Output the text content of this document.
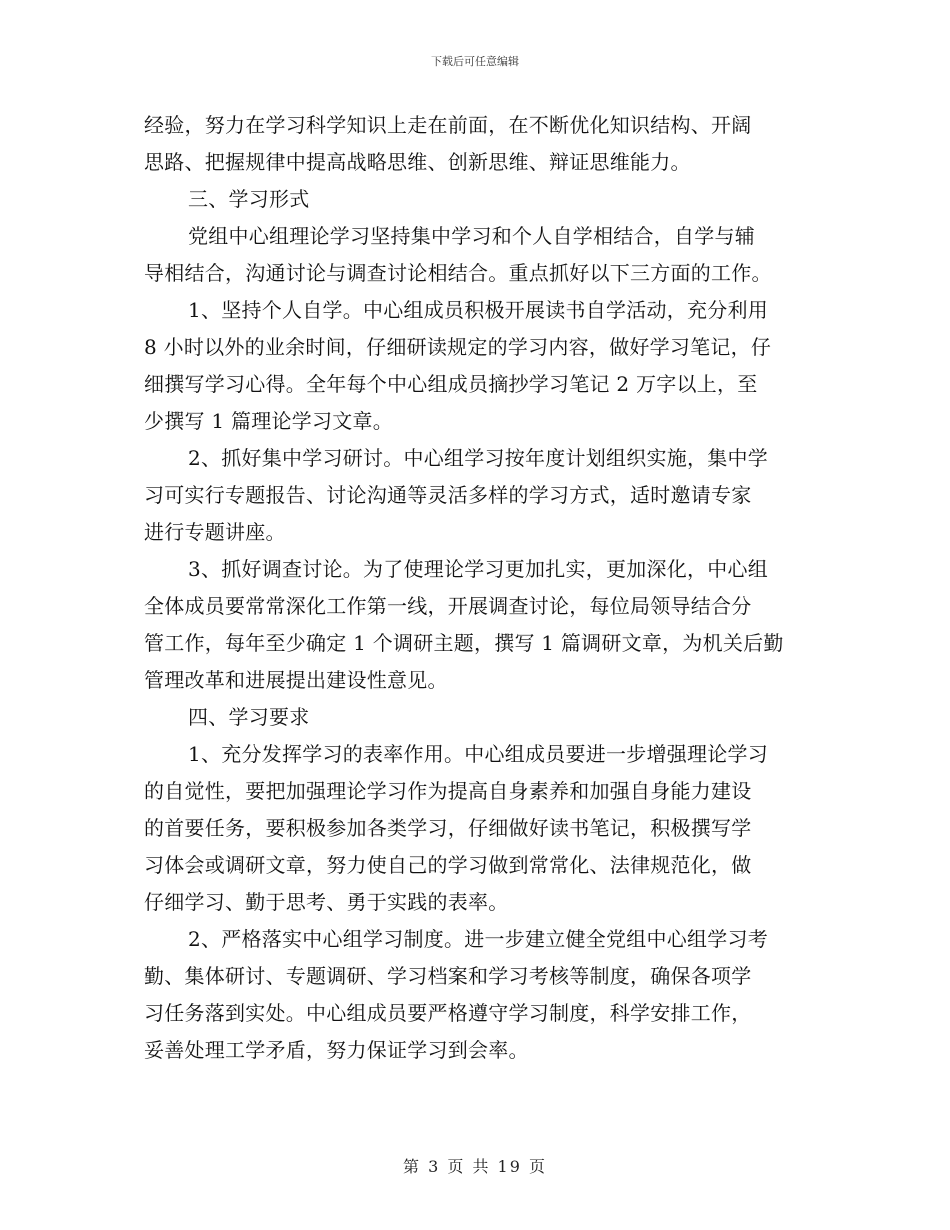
下载后可任意编辑
经验，努力在学习科学知识上走在前面，在不断优化知识结构、开阔
思路、把握规律中提高战略思维、创新思维、辩证思维能力。
三、学习形式
党组中心组理论学习坚持集中学习和个人自学相结合，自学与辅
导相结合，沟通讨论与调查讨论相结合。重点抓好以下三方面的工作。
1、坚持个人自学。中心组成员积极开展读书自学活动，充分利用
8 小时以外的业余时间，仔细研读规定的学习内容，做好学习笔记，仔
细撰写学习心得。全年每个中心组成员摘抄学习笔记 2 万字以上，至
少撰写 1 篇理论学习文章。
2、抓好集中学习研讨。中心组学习按年度计划组织实施，集中学
习可实行专题报告、讨论沟通等灵活多样的学习方式，适时邀请专家
进行专题讲座。
3、抓好调查讨论。为了使理论学习更加扎实，更加深化，中心组
全体成员要常常深化工作第一线，开展调查讨论，每位局领导结合分
管工作，每年至少确定 1 个调研主题，撰写 1 篇调研文章，为机关后勤
管理改革和进展提出建设性意见。
四、学习要求
1、充分发挥学习的表率作用。中心组成员要进一步增强理论学习
的自觉性，要把加强理论学习作为提高自身素养和加强自身能力建设
的首要任务，要积极参加各类学习，仔细做好读书笔记，积极撰写学
习体会或调研文章，努力使自己的学习做到常常化、法律规范化，做
仔细学习、勤于思考、勇于实践的表率。
2、严格落实中心组学习制度。进一步建立健全党组中心组学习考
勤、集体研讨、专题调研、学习档案和学习考核等制度，确保各项学
习任务落到实处。中心组成员要严格遵守学习制度，科学安排工作，
妥善处理工学矛盾，努力保证学习到会率。
第 3 页 共 19 页
